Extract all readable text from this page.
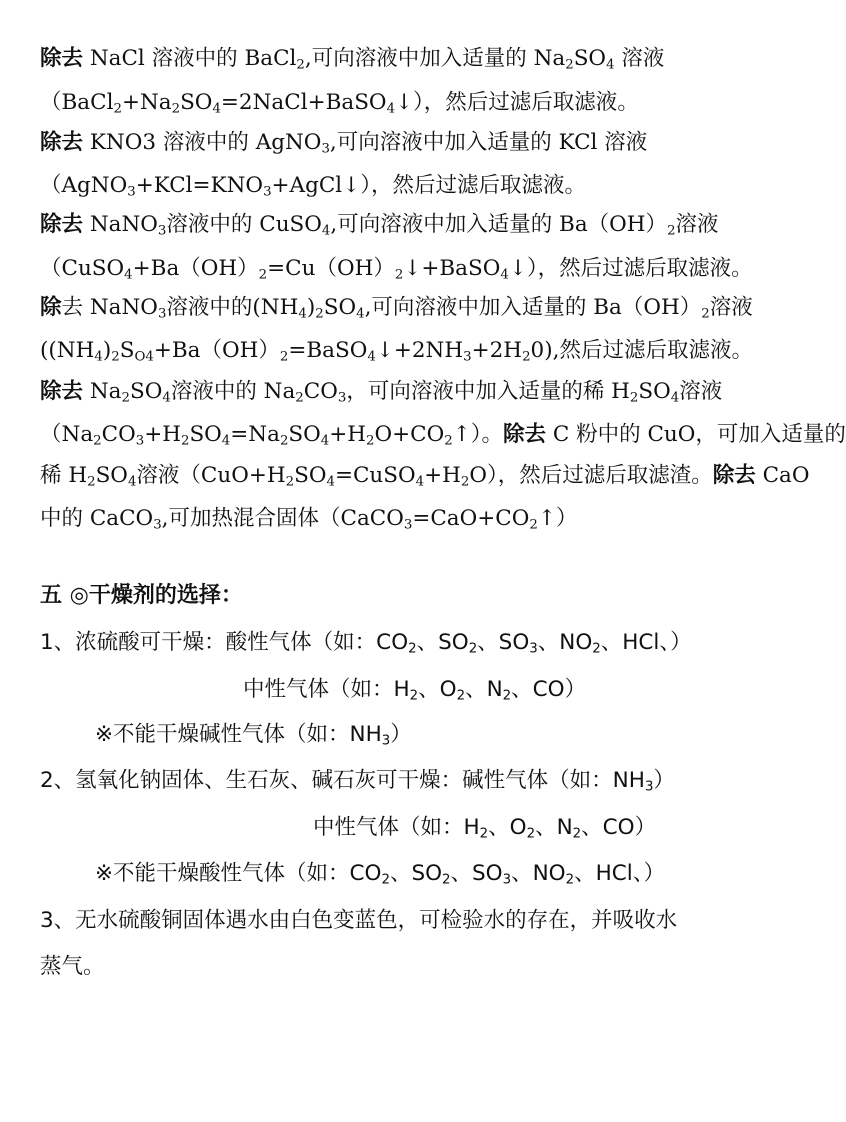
除去 NaCl 溶液中的 BaCl$_2$,可向溶液中加入适量的 $Na_2SO_4$ 溶液
$(BaCl_2+Na_2SO_4=2NaCl+BaSO_4↓)$，然后过滤后取滤液。
除去 KNO3 溶液中的 AgNO$_3$,可向溶液中加入适量的 KCl 溶液
$(AgNO_3+KCl=KNO_3+AgCl↓)$，然后过滤后取滤液。
除去 NaNO$_3$溶液中的 CuSO$_4$,可向溶液中加入适量的 $Ba(OH)_2$溶液
$(CuSO_4+Ba(OH)_2=Cu(OH)_2↓+BaSO_4↓)$，然后过滤后取滤液。
除去 NaNO$_3$溶液中的$(NH_4)_2SO_4$,可向溶液中加入适量的 $Ba(OH)_2$溶液
$((NH_4)_2S_{O4}+Ba(OH)_2=BaSO_4↓+2NH_3+2H_20)$,然后过滤后取滤液。
除去 $Na_2SO_4$溶液中的 $Na_2CO_3$，可向溶液中加入适量的稀 $H_2SO_4$溶液
$(Na_2CO_3+H_2SO_4=Na_2SO_4+H_2O+CO_2↑)$。除去 C 粉中的 CuO，可加入适量的
稀 $H_2SO_4$溶液$(CuO+H_2SO_4=CuSO_4+H_2O)$，然后过滤后取滤渣。除去 CaO
中的 CaCO$_3$,可加热混合固体$(CaCO_3=CaO+CO_2↑)$
五 ◎干燥剂的选择：
1、浓硫酸可干燥：酸性气体（如：$CO_2$、$SO_2$、$SO_3$、$NO_2$、HCl、）
中性气体（如：$H_2$、$O_2$、$N_2$、CO）
※不能干燥碱性气体（如：$NH_3$）
2、氢氧化钠固体、生石灰、碱石灰可干燥：碱性气体（如：$NH_3$）
中性气体（如：$H_2$、$O_2$、$N_2$、CO）
※不能干燥酸性气体（如：$CO_2$、$SO_2$、$SO_3$、$NO_2$、HCl、）
3、无水硫酸铜固体遇水由白色变蓝色，可检验水的存在，并吸收水
蒸气。
